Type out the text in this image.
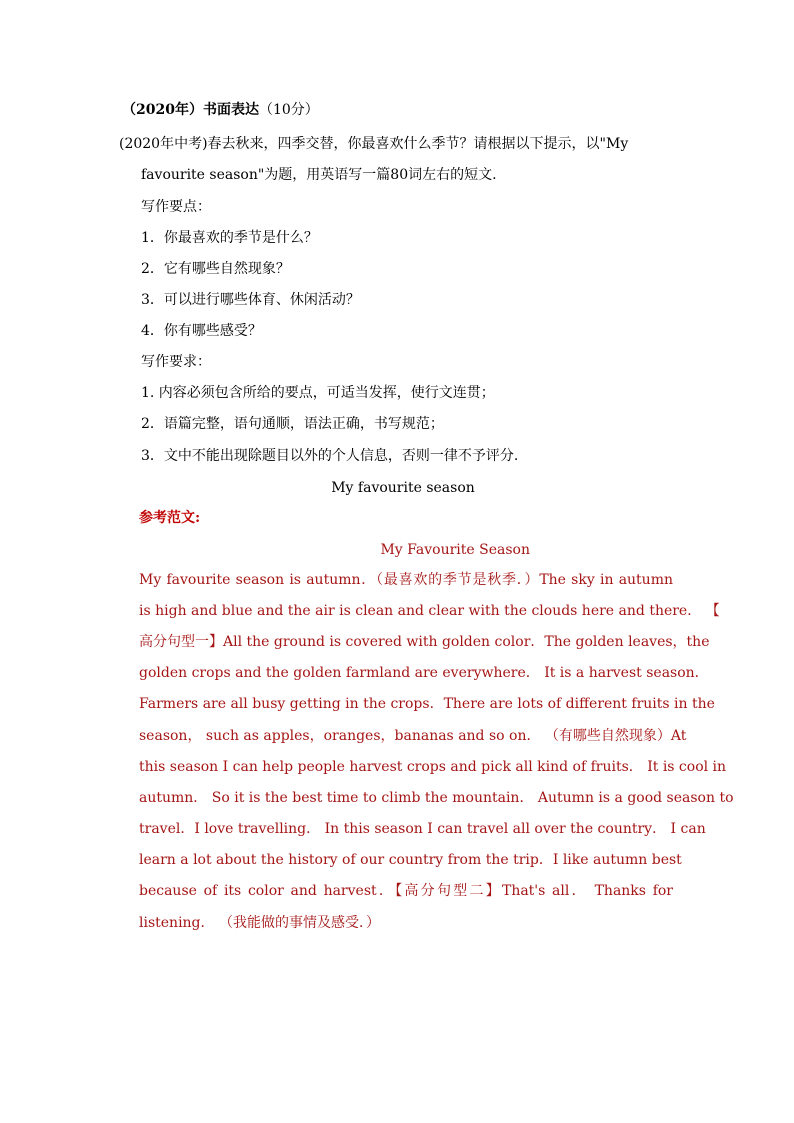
（2020年）书面表达（10分）
(2020年中考)春去秋来，四季交替，你最喜欢什么季节？请根据以下提示，以"My
favourite season"为题，用英语写一篇80词左右的短文.
写作要点：
1．你最喜欢的季节是什么？
2．它有哪些自然现象？
3．可以进行哪些体育、休闲活动？
4．你有哪些感受？
写作要求：
1. 内容必须包含所给的要点，可适当发挥，使行文连贯；
2．语篇完整，语句通顺，语法正确，书写规范；
3．文中不能出现除题目以外的个人信息，否则一律不予评分.
My favourite season
参考范文:
My Favourite Season
My favourite season is autumn．（最喜欢的季节是秋季．）The sky in autumn
is high and blue and the air is clean and clear with the clouds here and there． 【
高分句型一】All the ground is covered with golden color．The golden leaves，the
golden crops and the golden farmland are everywhere． It is a harvest season．
Farmers are all busy getting in the crops．There are lots of different fruits in the
season， such as apples，oranges，bananas and so on． （有哪些自然现象）At
this season I can help people harvest crops and pick all kind of fruits． It is cool in
autumn． So it is the best time to climb the mountain． Autumn is a good season to
travel．I love travelling． In this season I can travel all over the country． I can
learn a lot about the history of our country from the trip．I like autumn best
because of its color and harvest．【高分句型二】That's all． Thanks for
listening． （我能做的事情及感受．）
